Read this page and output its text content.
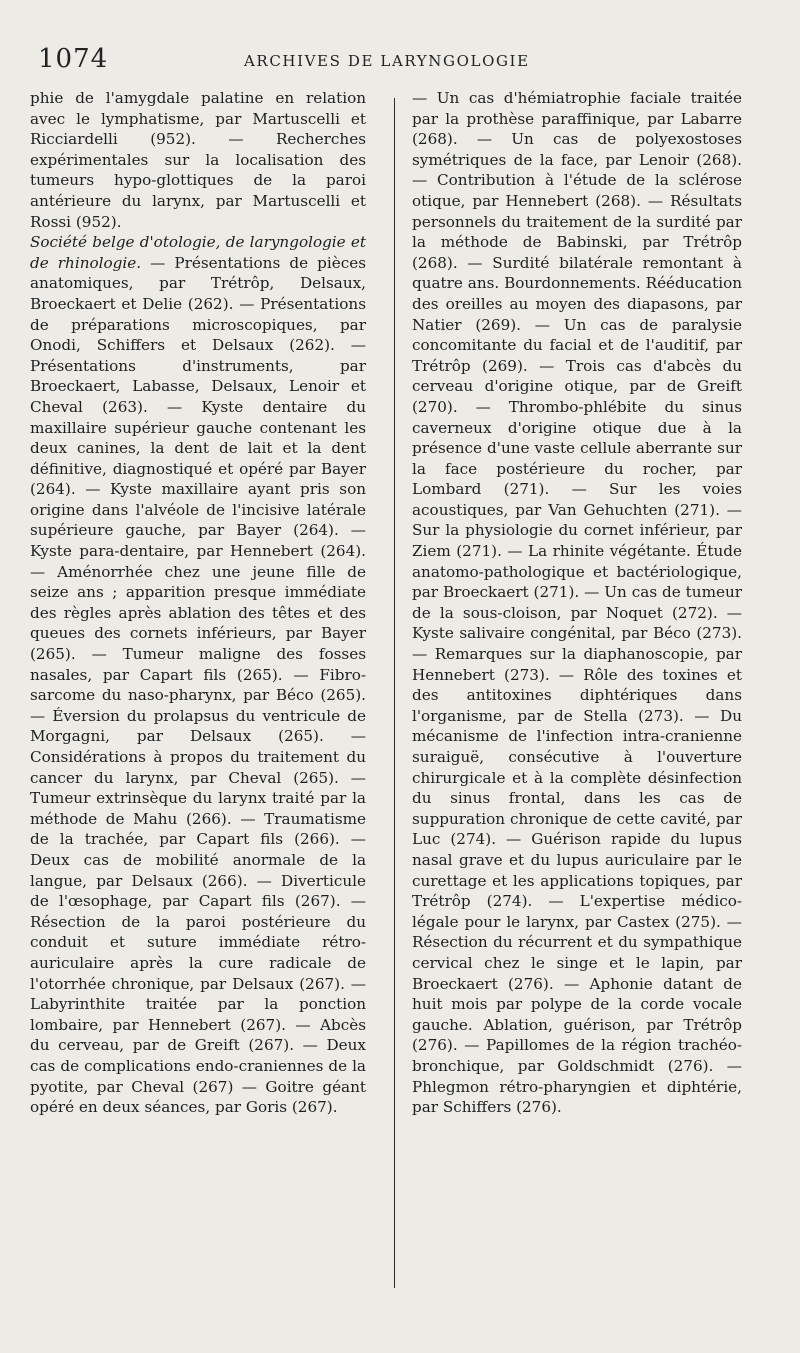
1074	ARCHIVES DE LARYNGOLOGIE

phie de l'amygdale palatine en relation avec le lymphatisme, par Martuscelli et Ricciardelli (952). — Recherches expérimentales sur la localisation des tumeurs hypo-glottiques de la paroi antérieure du larynx, par Martuscelli et Rossi (952).

Société belge d'otologie, de laryngologie et de rhinologie. — Présentations de pièces anatomiques, par Trétrôp, Delsaux, Broeckaert et Delie (262). — Présentations de préparations microscopiques, par Onodi, Schiffers et Delsaux (262). — Présentations d'instruments, par Broeckaert, Labasse, Delsaux, Lenoir et Cheval (263). — Kyste dentaire du maxillaire supérieur gauche contenant les deux canines, la dent de lait et la dent définitive, diagnostiqué et opéré par Bayer (264). — Kyste maxillaire ayant pris son origine dans l'alvéole de l'incisive latérale supérieure gauche, par Bayer (264). — Kyste para-dentaire, par Hennebert (264). — Aménorrhée chez une jeune fille de seize ans ; apparition presque immédiate des règles après ablation des têtes et des queues des cornets inférieurs, par Bayer (265). — Tumeur maligne des fosses nasales, par Capart fils (265). — Fibro-sarcome du naso-pharynx, par Béco (265). — Éversion du prolapsus du ventricule de Morgagni, par Delsaux (265). — Considérations à propos du traitement du cancer du larynx, par Cheval (265). — Tumeur extrinsèque du larynx traité par la méthode de Mahu (266). — Traumatisme de la trachée, par Capart fils (266). — Deux cas de mobilité anormale de la langue, par Delsaux (266). — Diverticule de l'œsophage, par Capart fils (267). — Résection de la paroi postérieure du conduit et suture immédiate rétro-auriculaire après la cure radicale de l'otorrhée chronique, par Delsaux (267). — Labyrinthite traitée par la ponction lombaire, par Hennebert (267). — Abcès du cerveau, par de Greift (267). — Deux cas de complications endo-craniennes de la pyotite, par Cheval (267) — Goitre géant opéré en deux séances, par Goris (267).

— Un cas d'hémiatrophie faciale traitée par la prothèse paraffinique, par Labarre (268). — Un cas de polyexostoses symétriques de la face, par Lenoir (268). — Contribution à l'étude de la sclérose otique, par Hennebert (268). — Résultats personnels du traitement de la surdité par la méthode de Babinski, par Trétrôp (268). — Surdité bilatérale remontant à quatre ans. Bourdonnements. Rééducation des oreilles au moyen des diapasons, par Natier (269). — Un cas de paralysie concomitante du facial et de l'auditif, par Trétrôp (269). — Trois cas d'abcès du cerveau d'origine otique, par de Greift (270). — Thrombo-phlébite du sinus caverneux d'origine otique due à la présence d'une vaste cellule aberrante sur la face postérieure du rocher, par Lombard (271). — Sur les voies acoustiques, par Van Gehuchten (271). — Sur la physiologie du cornet inférieur, par Ziem (271). — La rhinite végétante. Étude anatomo-pathologique et bactériologique, par Broeckaert (271). — Un cas de tumeur de la sous-cloison, par Noquet (272). — Kyste salivaire congénital, par Béco (273). — Remarques sur la diaphanoscopie, par Hennebert (273). — Rôle des toxines et des antitoxines diphtériques dans l'organisme, par de Stella (273). — Du mécanisme de l'infection intra-cranienne suraiguë, consécutive à l'ouverture chirurgicale et à la complète désinfection du sinus frontal, dans les cas de suppuration chronique de cette cavité, par Luc (274). — Guérison rapide du lupus nasal grave et du lupus auriculaire par le curettage et les applications topiques, par Trétrôp (274). — L'expertise médico-légale pour le larynx, par Castex (275). — Résection du récurrent et du sympathique cervical chez le singe et le lapin, par Broeckaert (276). — Aphonie datant de huit mois par polype de la corde vocale gauche. Ablation, guérison, par Trétrôp (276). — Papillomes de la région trachéo-bronchique, par Goldschmidt (276). — Phlegmon rétro-pharyngien et diphtérie, par Schiffers (276).
